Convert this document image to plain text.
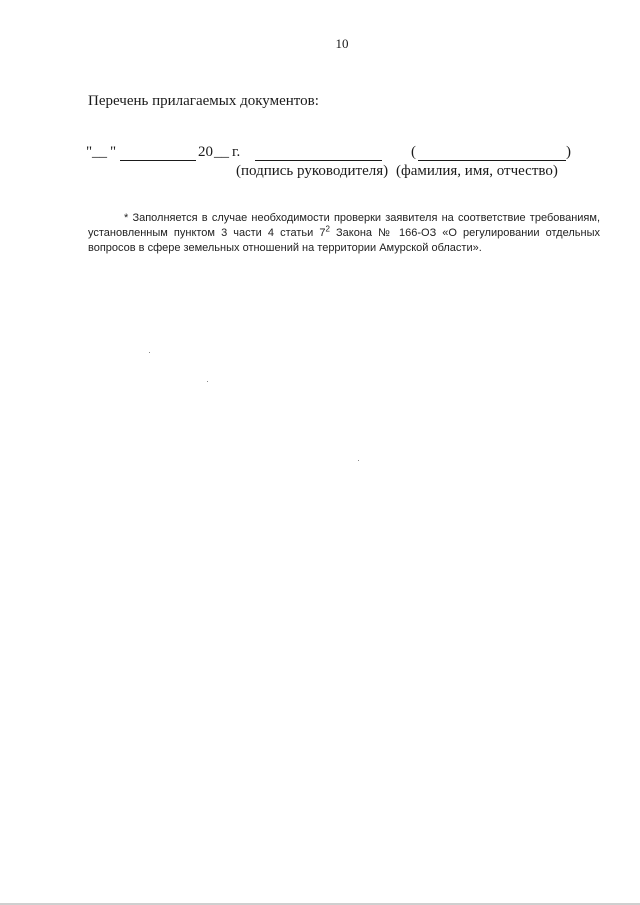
10
Перечень прилагаемых документов:
" __ "	20 __ г.	(	)
(подпись руководителя) (фамилия, имя, отчество)

* Заполняется в случае необходимости проверки заявителя на соответствие требованиям, установленным пунктом 3 части 4 статьи $7^2$ Закона № 166-ОЗ «О регулировании отдельных вопросов в сфере земельных отношений на территории Амурской области».
